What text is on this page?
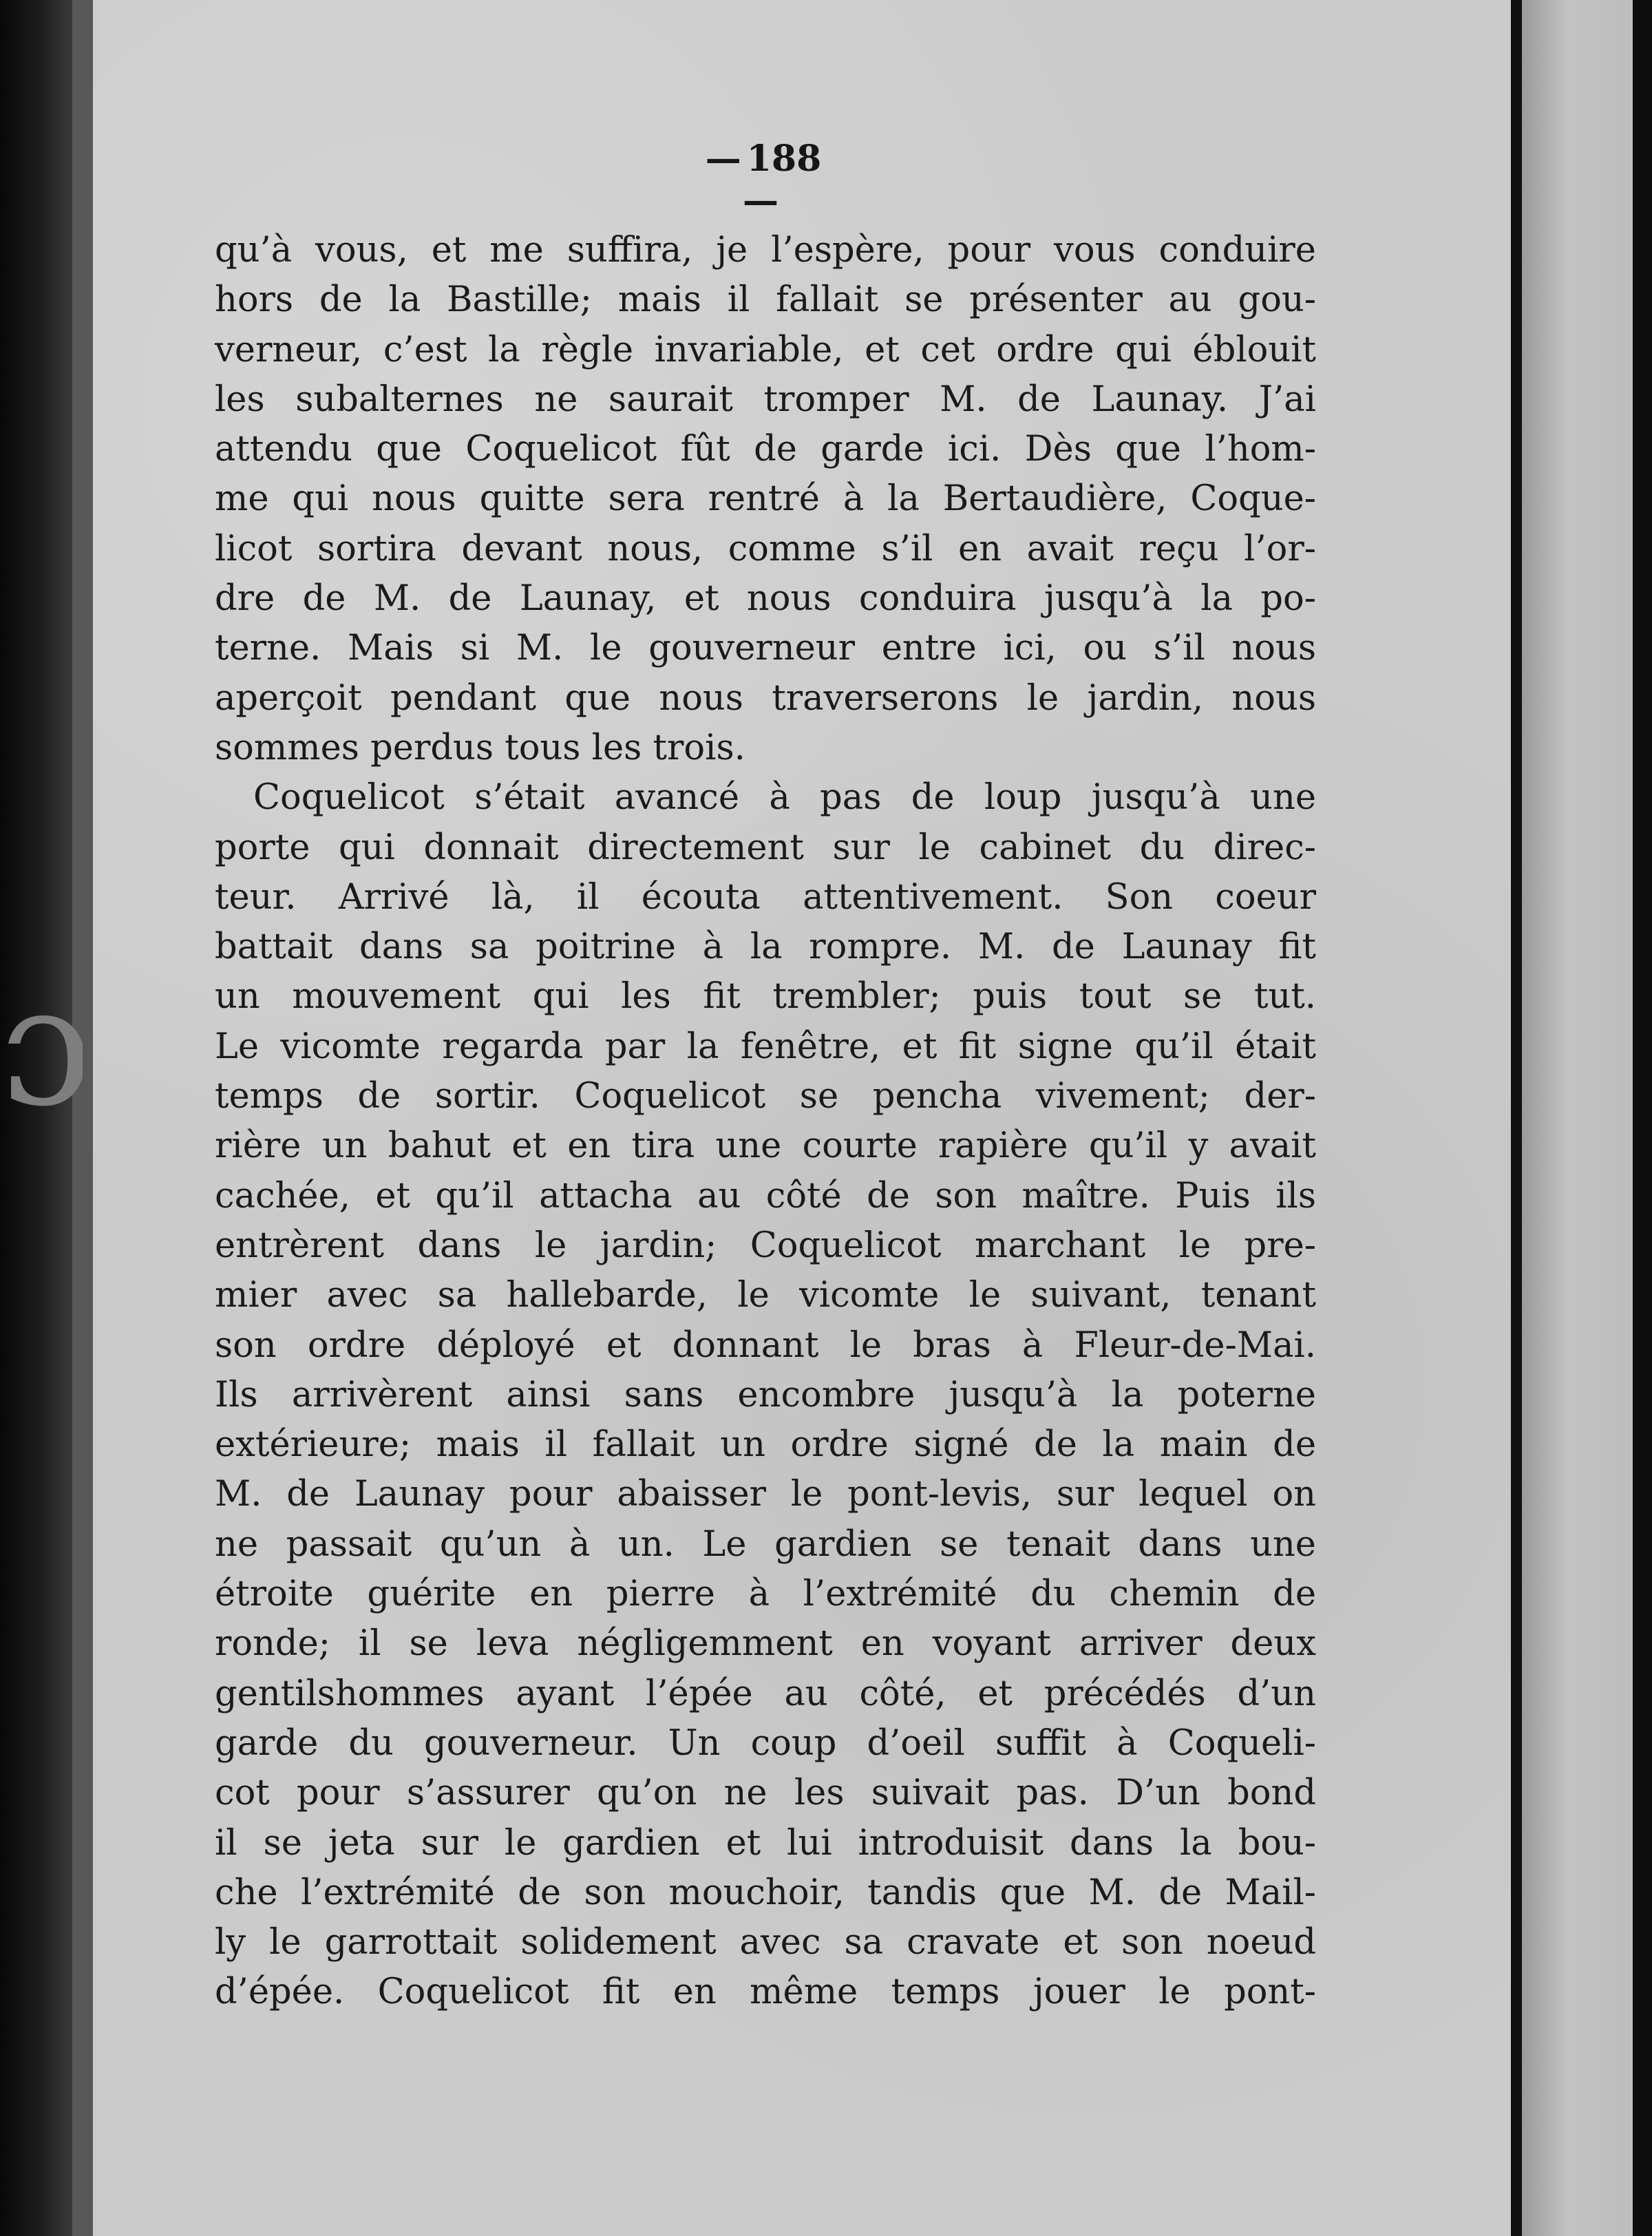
ɔ
— 188—
qu’à vous, et me suffira, je l’espère, pour vous conduire
hors de la Bastille; mais il fallait se présenter au gou-
verneur, c’est la règle invariable, et cet ordre qui éblouit
les subalternes ne saurait tromper M. de Launay. J’ai
attendu que Coquelicot fût de garde ici. Dès que l’hom-
me qui nous quitte sera rentré à la Bertaudière, Coque-
licot sortira devant nous, comme s’il en avait reçu l’or-
dre de M. de Launay, et nous conduira jusqu’à la po-
terne. Mais si M. le gouverneur entre ici, ou s’il nous
aperçoit pendant que nous traverserons le jardin, nous
sommes perdus tous les trois.
Coquelicot s’était avancé à pas de loup jusqu’à une
porte qui donnait directement sur le cabinet du direc-
teur. Arrivé là, il écouta attentivement. Son coeur
battait dans sa poitrine à la rompre. M. de Launay fit
un mouvement qui les fit trembler; puis tout se tut.
Le vicomte regarda par la fenêtre, et fit signe qu’il était
temps de sortir. Coquelicot se pencha vivement; der-
rière un bahut et en tira une courte rapière qu’il y avait
cachée, et qu’il attacha au côté de son maître. Puis ils
entrèrent dans le jardin; Coquelicot marchant le pre-
mier avec sa hallebarde, le vicomte le suivant, tenant
son ordre déployé et donnant le bras à Fleur-de-Mai.
Ils arrivèrent ainsi sans encombre jusqu’à la poterne
extérieure; mais il fallait un ordre signé de la main de
M. de Launay pour abaisser le pont-levis, sur lequel on
ne passait qu’un à un. Le gardien se tenait dans une
étroite guérite en pierre à l’extrémité du chemin de
ronde; il se leva négligemment en voyant arriver deux
gentilshommes ayant l’épée au côté, et précédés d’un
garde du gouverneur. Un coup d’oeil suffit à Coqueli-
cot pour s’assurer qu’on ne les suivait pas. D’un bond
il se jeta sur le gardien et lui introduisit dans la bou-
che l’extrémité de son mouchoir, tandis que M. de Mail-
ly le garrottait solidement avec sa cravate et son noeud
d’épée. Coquelicot fit en même temps jouer le pont-
